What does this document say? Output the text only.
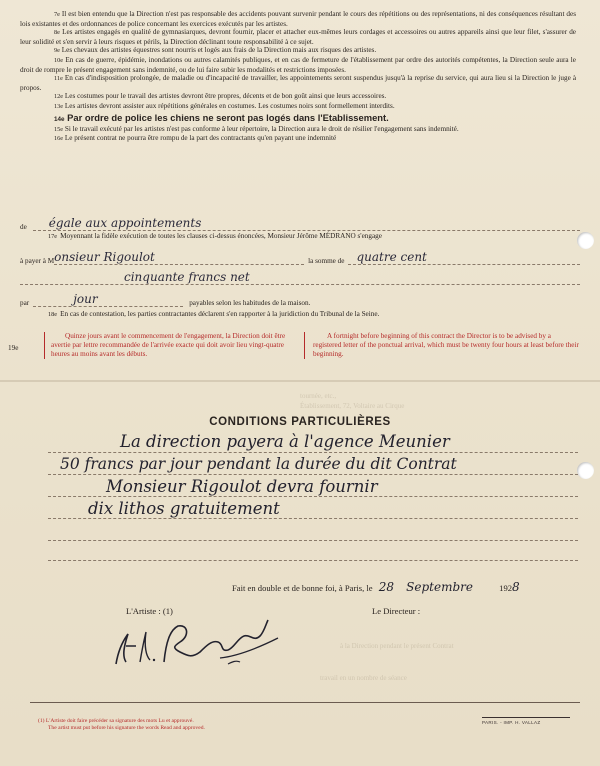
tournée, etc.,
Établissement, 72, Voltaire au Cirque
à la Direction pendant le présent Contrat
travail en un nombre de séance

7e Il est bien entendu que la Direction n'est pas responsable des accidents pouvant survenir pendant le cours des répétitions ou des représentations, ni des conséquences résultant des lois existantes et des ordonnances de police concernant les exercices exécutés par les artistes.

8e Les artistes engagés en qualité de gymnasiarques, devront fournir, placer et attacher eux-mêmes leurs cordages et accessoires ou autres appareils ainsi que leur filet, s'assurer de leur solidité et s'en servir à leurs risques et périls, la Direction déclinant toute responsabilité à ce sujet.

9e Les chevaux des artistes équestres sont nourris et logés aux frais de la Direction mais aux risques des artistes.

10e En cas de guerre, épidémie, inondations ou autres calamités publiques, et en cas de fermeture de l'établissement par ordre des autorités compétentes, la Direction seule aura le droit de rompre le présent engagement sans indemnité, ou de lui faire subir les modalités et restrictions imposées.

11e En cas d'indisposition prolongée, de maladie ou d'incapacité de travailler, les appointements seront suspendus jusqu'à la reprise du service, qui aura lieu si la Direction le juge à propos.

12e Les costumes pour le travail des artistes devront être propres, décents et de bon goût ainsi que leurs accessoires.

13e Les artistes devront assister aux répétitions générales en costumes. Les costumes noirs sont formellement interdits.

14e Par ordre de police les chiens ne seront pas logés dans l'Etablissement.

15e Si le travail exécuté par les artistes n'est pas conforme à leur répertoire, la Direction aura le droit de résilier l'engagement sans indemnité.

16e Le présent contrat ne pourra être rompu de la part des contractants qu'en payant une indemnité

de égale aux appointements
17e Moyennant la fidèle exécution de toutes les clauses ci-dessus énoncées, Monsieur Jérôme MÉDRANO s'engage
à payer à M onsieur Rigoulot	la somme de quatre cent
cinquante francs net
par	jour	payables selon les habitudes de la maison.
18e En cas de contestation, les parties contractantes déclarent s'en rapporter à la juridiction du Tribunal de la Seine.
19e
Quinze jours avant le commencement de l'engagement, la Direction doit être avertie par lettre recommandée de l'arrivée exacte qui doit avoir lieu vingt-quatre heures au moins avant les débuts.
A fortnight before beginning of this contract the Director is to be advised by a registered letter of the ponctual arrival, which must be twenty four hours at least before their beginning.
CONDITIONS PARTICULIÈRES
La direction payera à l'agence Meunier
50 francs par jour pendant la durée du dit Contrat
Monsieur Rigoulot devra fournir
dix lithos gratuitement
Fait en double et de bonne foi, à Paris, le 28 Septembre	1928
L'Artiste : (1)	Le Directeur :
(1) L'Artiste doit faire précéder sa signature des mots Lu et approuvé.
The artist must put before his signature the words Read and approved.
PARIS. - IMP. H. VALLAZ
